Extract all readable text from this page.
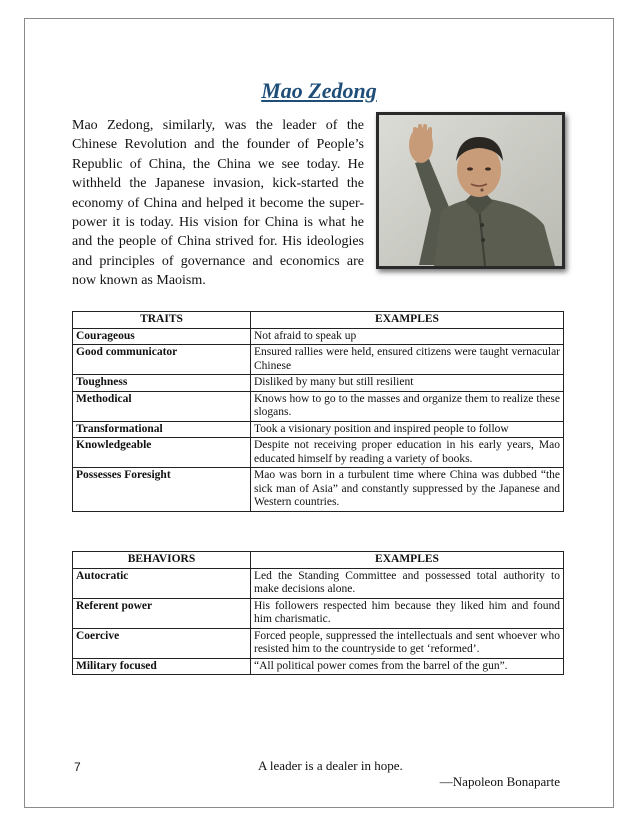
Mao Zedong
Mao Zedong, similarly, was the leader of the Chinese Revolution and the founder of People’s Republic of China, the China we see today. He withheld the Japanese invasion, kick-started the economy of China and helped it become the super-power it is today. His vision for China is what he and the people of China strived for. His ideologies and principles of governance and economics are now known as Maoism.
TRAITS	EXAMPLES
Courageous	Not afraid to speak up
Good communicator	Ensured rallies were held, ensured citizens were taught vernacular Chinese
Toughness	Disliked by many but still resilient
Methodical	Knows how to go to the masses and organize them to realize these slogans.
Transformational	Took a visionary position and inspired people to follow
Knowledgeable	Despite not receiving proper education in his early years, Mao educated himself by reading a variety of books.
Possesses Foresight	Mao was born in a turbulent time where China was dubbed “the sick man of Asia” and constantly suppressed by the Japanese and Western countries.
BEHAVIORS	EXAMPLES
Autocratic	Led the Standing Committee and possessed total authority to make decisions alone.
Referent power	His followers respected him because they liked him and found him charismatic.
Coercive	Forced people, suppressed the intellectuals and sent whoever who resisted him to the countryside to get ‘reformed’.
Military focused	“All political power comes from the barrel of the gun”.
7	A leader is a dealer in hope.
—Napoleon Bonaparte
